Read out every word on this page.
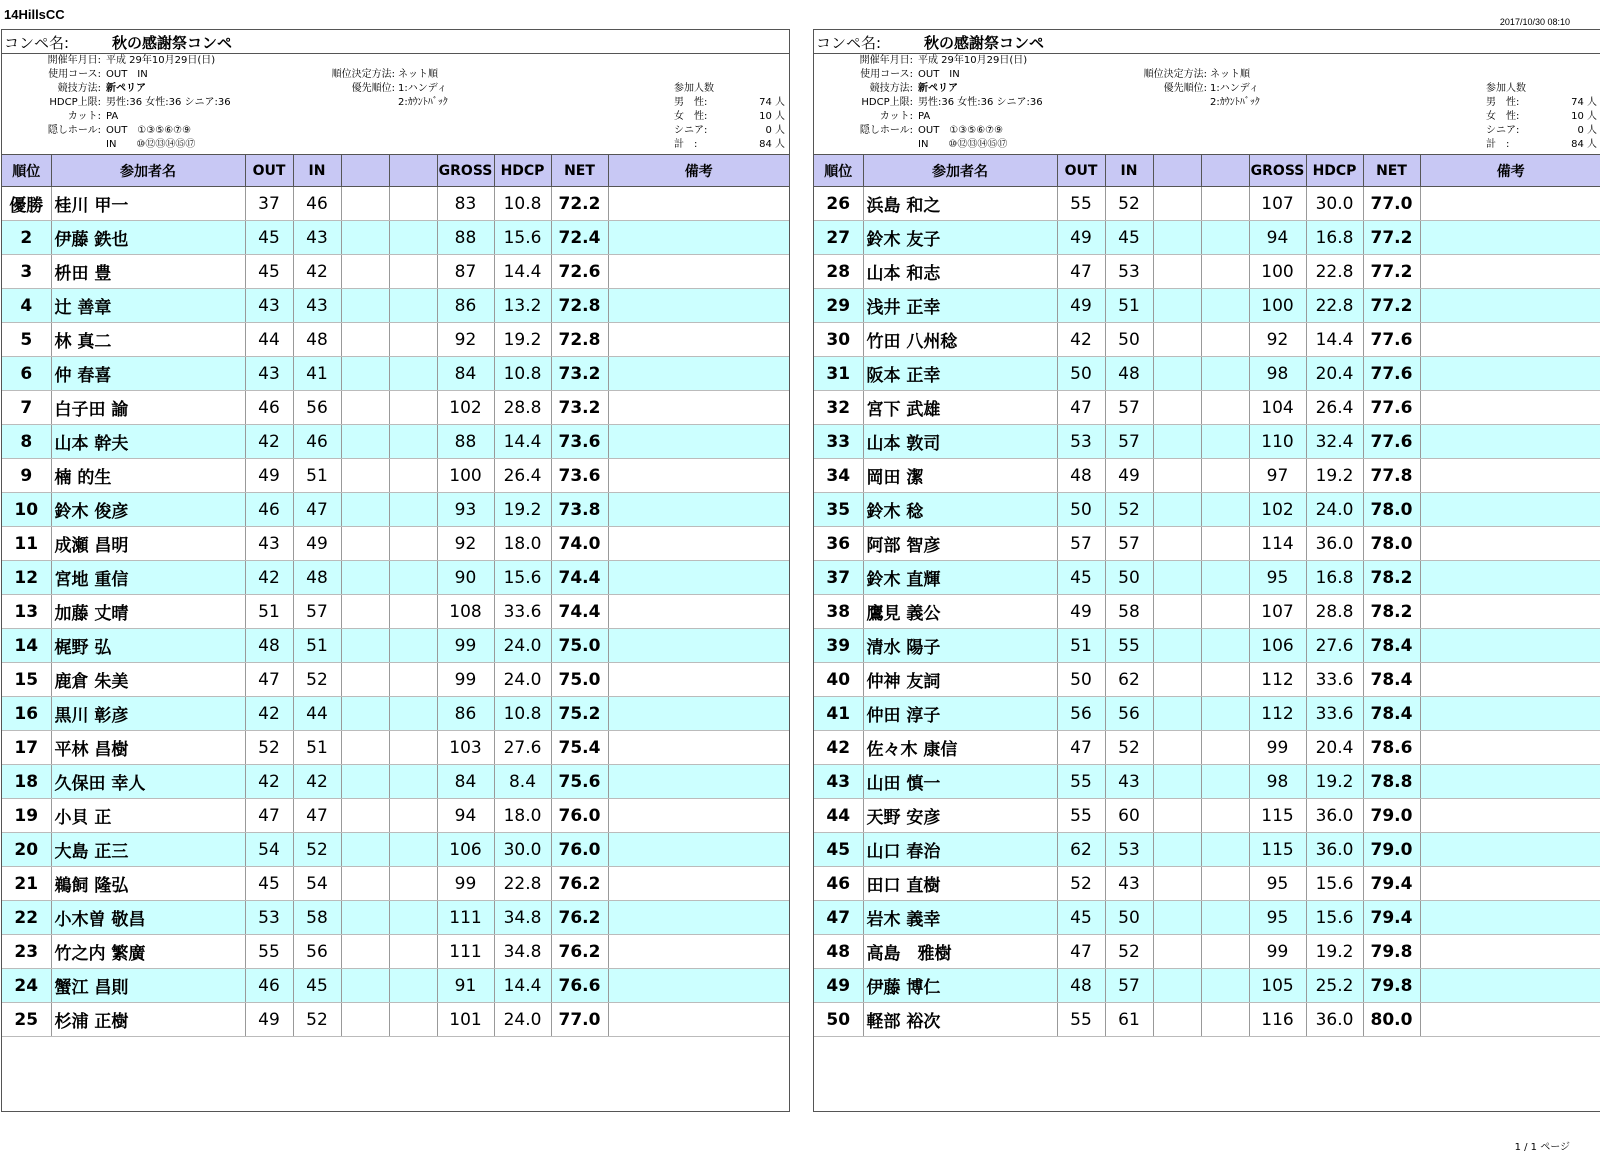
14HillsCC	2017/10/30 08:10
コンペ名:	秋の感謝祭コンペ
開催年月日: 平成 29年10月29日(日)
使用コース: OUT　IN	順位決定方法: ネット順
競技方法: 新ペリア	優先順位: 1:ハンディ	参加人数
HDCP上限: 男性:36 女性:36 シニア:36	2:ｶｳﾝﾄﾊﾞｯｸ	男　性:	74 人
カット: PA	女　性:	10 人
隠しホール: OUT　①③⑤⑥⑦⑨	シニア:	0 人
IN　　⑩⑫⑬⑭⑮⑰	計　:	84 人
順位	参加者名	OUT	IN			GROSS	HDCP	NET	備考
優勝	桂川 甲一	37	46			83	10.8	72.2	
2	伊藤 鉄也	45	43			88	15.6	72.4	
3	枡田 豊	45	42			87	14.4	72.6	
4	辻 善章	43	43			86	13.2	72.8	
5	林 真二	44	48			92	19.2	72.8	
6	仲 春喜	43	41			84	10.8	73.2	
7	白子田 諭	46	56			102	28.8	73.2	
8	山本 幹夫	42	46			88	14.4	73.6	
9	楠 的生	49	51			100	26.4	73.6	
10	鈴木 俊彦	46	47			93	19.2	73.8	
11	成瀬 昌明	43	49			92	18.0	74.0	
12	宮地 重信	42	48			90	15.6	74.4	
13	加藤 丈晴	51	57			108	33.6	74.4	
14	梶野 弘	48	51			99	24.0	75.0	
15	鹿倉 朱美	47	52			99	24.0	75.0	
16	黒川 彰彦	42	44			86	10.8	75.2	
17	平林 昌樹	52	51			103	27.6	75.4	
18	久保田 幸人	42	42			84	8.4	75.6	
19	小貝 正	47	47			94	18.0	76.0	
20	大島 正三	54	52			106	30.0	76.0	
21	鵜飼 隆弘	45	54			99	22.8	76.2	
22	小木曽 敬昌	53	58			111	34.8	76.2	
23	竹之内 繁廣	55	56			111	34.8	76.2	
24	蟹江 昌則	46	45			91	14.4	76.6	
25	杉浦 正樹	49	52			101	24.0	77.0	
コンペ名:	秋の感謝祭コンペ
開催年月日: 平成 29年10月29日(日)
使用コース: OUT　IN	順位決定方法: ネット順
競技方法: 新ペリア	優先順位: 1:ハンディ	参加人数
HDCP上限: 男性:36 女性:36 シニア:36	2:ｶｳﾝﾄﾊﾞｯｸ	男　性:	74 人
カット: PA	女　性:	10 人
隠しホール: OUT　①③⑤⑥⑦⑨	シニア:	0 人
IN　　⑩⑫⑬⑭⑮⑰	計　:	84 人
順位	参加者名	OUT	IN			GROSS	HDCP	NET	備考
26	浜島 和之	55	52			107	30.0	77.0	
27	鈴木 友子	49	45			94	16.8	77.2	
28	山本 和志	47	53			100	22.8	77.2	
29	浅井 正幸	49	51			100	22.8	77.2	
30	竹田 八州稔	42	50			92	14.4	77.6	
31	阪本 正幸	50	48			98	20.4	77.6	
32	宮下 武雄	47	57			104	26.4	77.6	
33	山本 敦司	53	57			110	32.4	77.6	
34	岡田 潔	48	49			97	19.2	77.8	
35	鈴木 稔	50	52			102	24.0	78.0	
36	阿部 智彦	57	57			114	36.0	78.0	
37	鈴木 直輝	45	50			95	16.8	78.2	
38	鷹見 義公	49	58			107	28.8	78.2	
39	清水 陽子	51	55			106	27.6	78.4	
40	仲神 友詞	50	62			112	33.6	78.4	
41	仲田 淳子	56	56			112	33.6	78.4	
42	佐々木 康信	47	52			99	20.4	78.6	
43	山田 慎一	55	43			98	19.2	78.8	
44	天野 安彦	55	60			115	36.0	79.0	
45	山口 春治	62	53			115	36.0	79.0	
46	田口 直樹	52	43			95	15.6	79.4	
47	岩木 義幸	45	50			95	15.6	79.4	
48	高島　雅樹	47	52			99	19.2	79.8	
49	伊藤 博仁	48	57			105	25.2	79.8	
50	軽部 裕次	55	61			116	36.0	80.0	
1 / 1 ページ
